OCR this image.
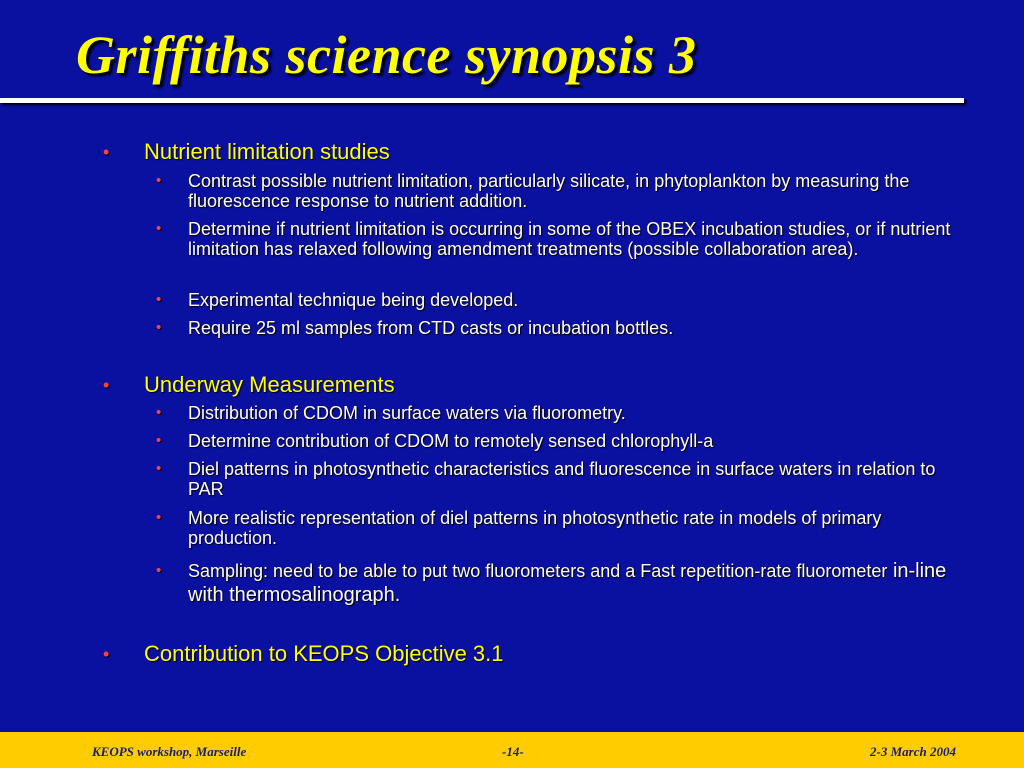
Griffiths science synopsis 3
• Nutrient limitation studies
• Contrast possible nutrient limitation, particularly silicate, in phytoplankton by measuring the fluorescence response to nutrient addition.
• Determine if nutrient limitation is occurring in some of the OBEX incubation studies, or if nutrient limitation has relaxed following amendment treatments (possible collaboration area).
• Experimental technique being developed.
• Require 25 ml samples from CTD casts or incubation bottles.
• Underway Measurements
• Distribution of CDOM in surface waters via fluorometry.
• Determine contribution of CDOM to remotely sensed chlorophyll-a
• Diel patterns in photosynthetic characteristics and fluorescence in surface waters in relation to PAR
• More realistic representation of diel patterns in photosynthetic rate in models of primary production.
• Sampling: need to be able to put two fluorometers and a Fast repetition-rate fluorometer in-line with thermosalinograph.
• Contribution to KEOPS Objective 3.1
KEOPS workshop, Marseille	-14-	2-3 March 2004
